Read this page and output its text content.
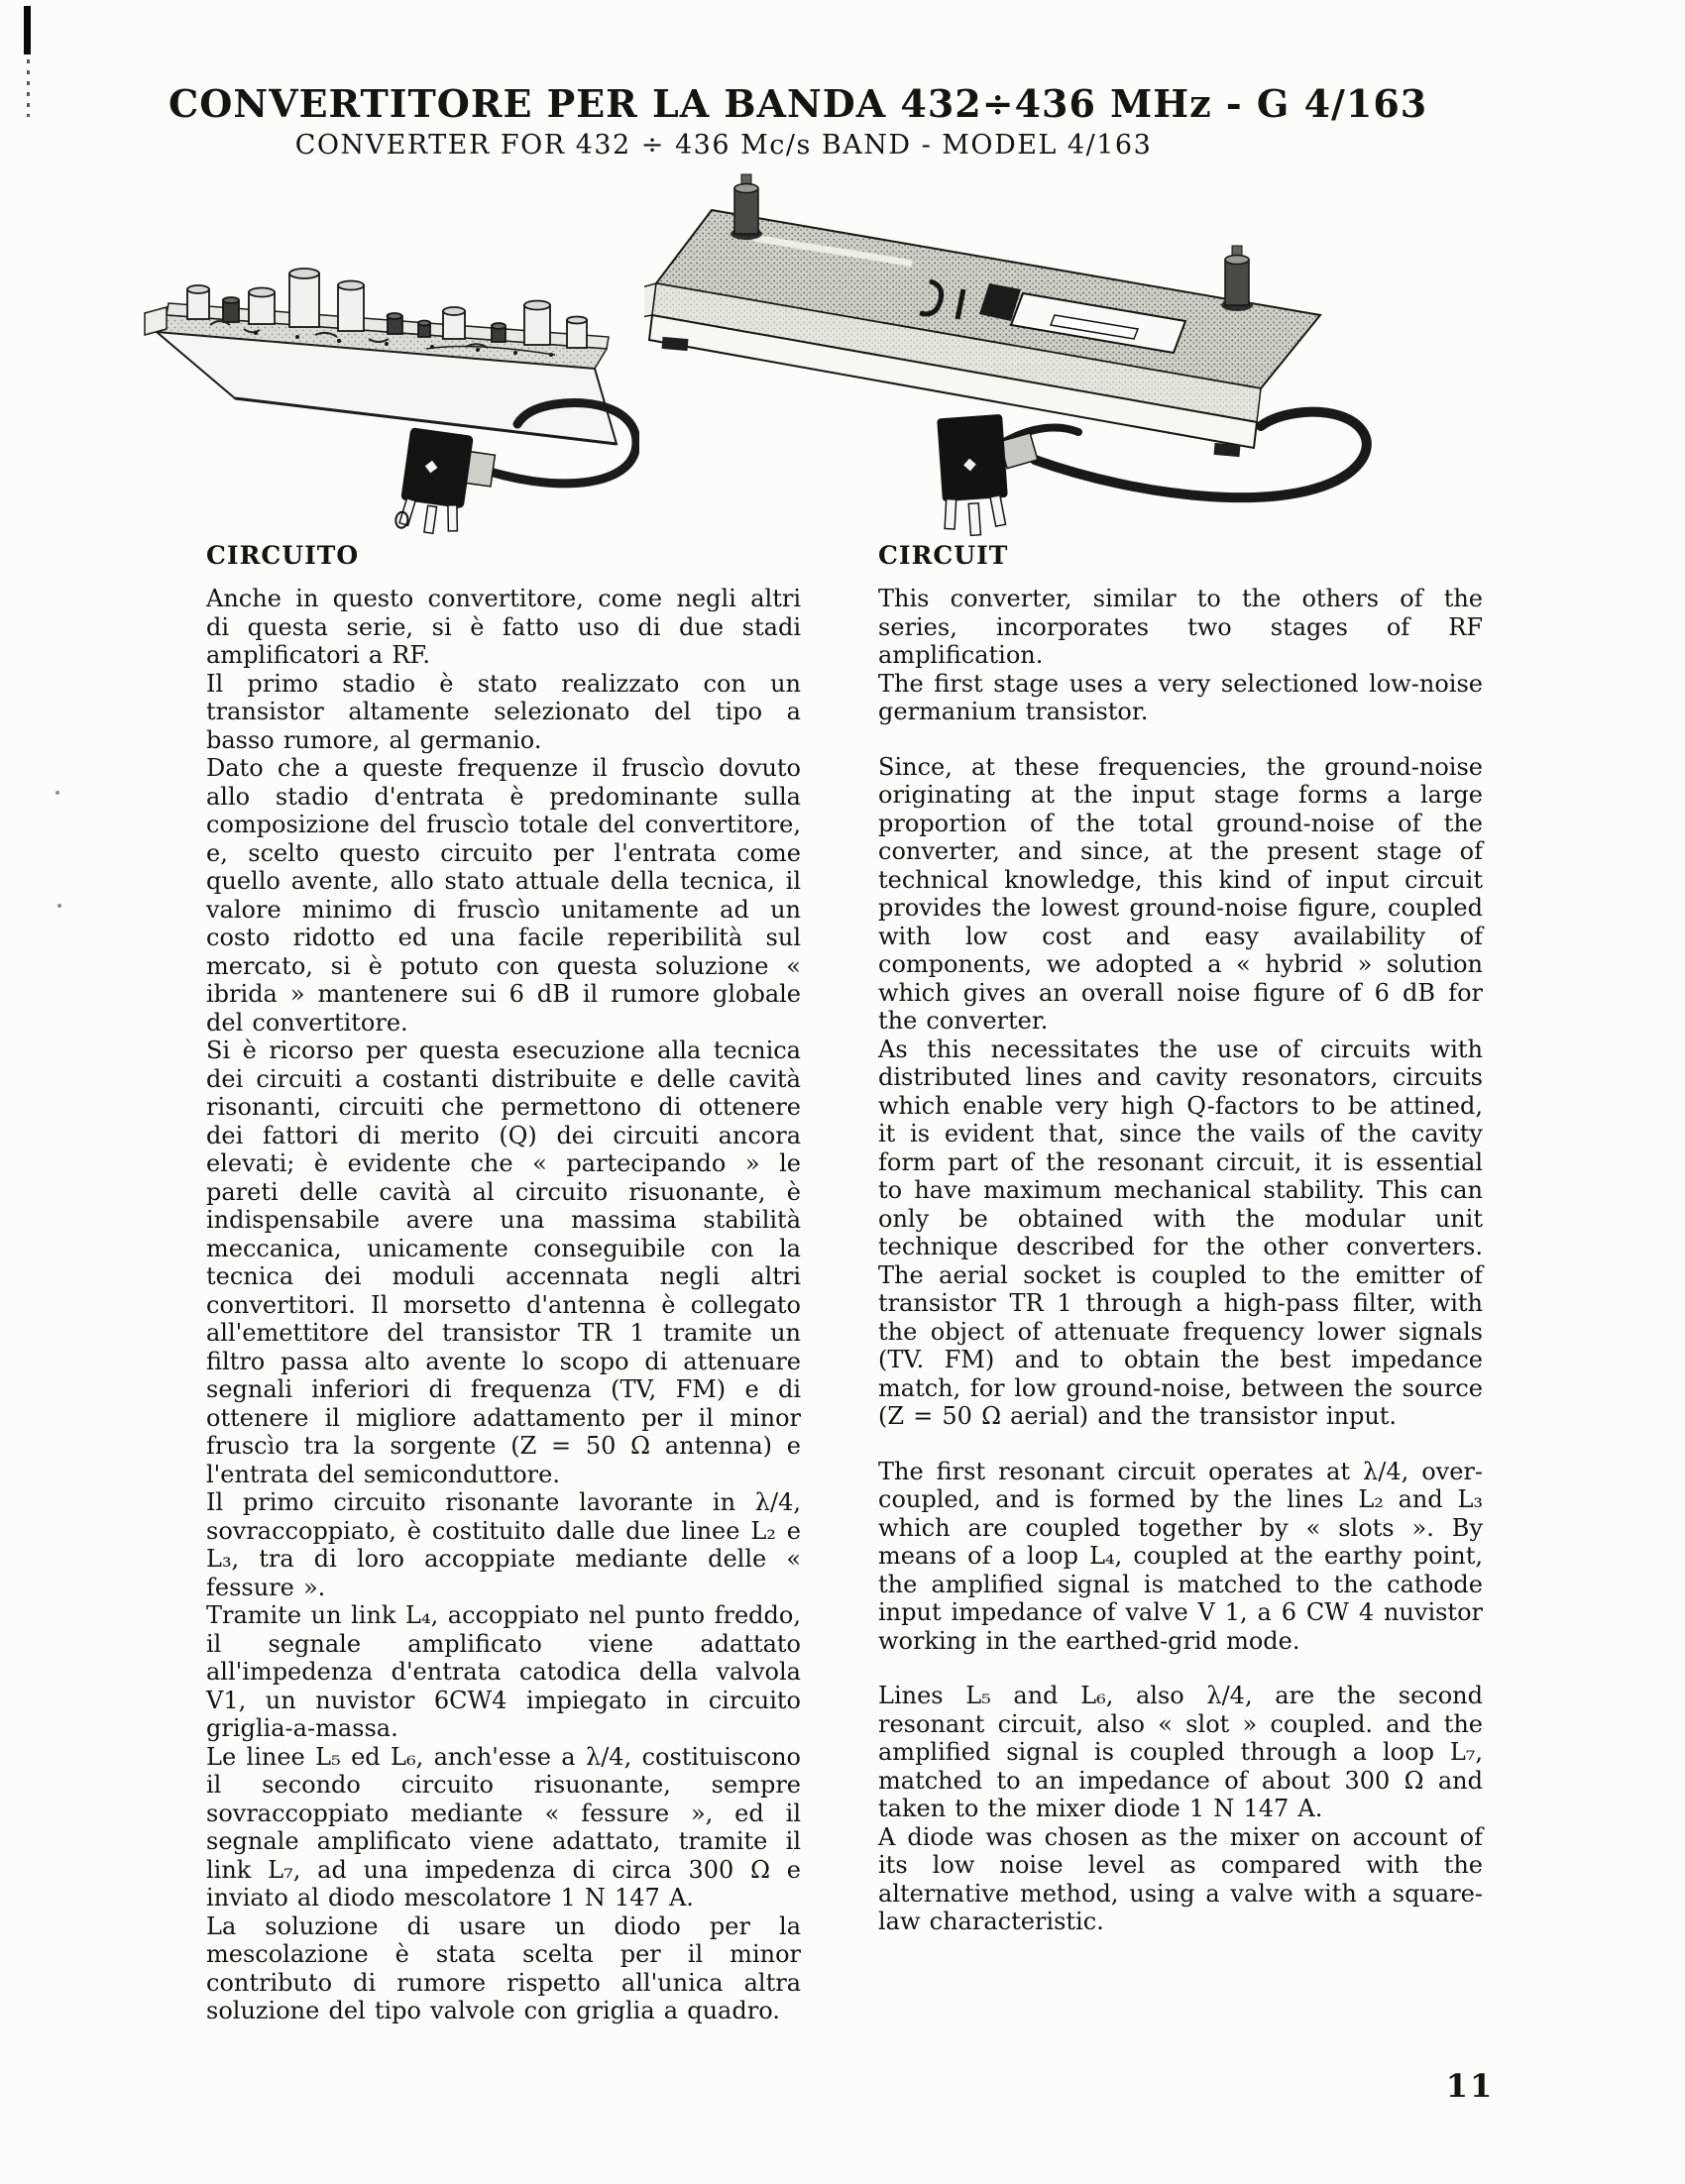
CONVERTITORE PER LA BANDA 432÷436 MHz - G 4/163
CONVERTER FOR 432 ÷ 436 Mc/s BAND - MODEL 4/163
CIRCUITO

Anche in questo convertitore, come negli altri di questa serie, si è fatto uso di due stadi amplificatori a RF.

Il primo stadio è stato realizzato con un transistor altamente selezionato del tipo a basso rumore, al germanio.

Dato che a queste frequenze il fruscìo dovuto allo stadio d'entrata è predominante sulla composizione del fruscìo totale del convertitore, e, scelto questo circuito per l'entrata come quello avente, allo stato attuale della tecnica, il valore minimo di fruscìo unitamente ad un costo ridotto ed una facile reperibilità sul mercato, si è potuto con questa soluzione « ibrida » mantenere sui 6 dB il rumore globale del convertitore.

Si è ricorso per questa esecuzione alla tecnica dei circuiti a costanti distribuite e delle cavità risonanti, circuiti che permettono di ottenere dei fattori di merito (Q) dei circuiti ancora elevati; è evidente che « partecipando » le pareti delle cavità al circuito risuonante, è indispensabile avere una massima stabilità meccanica, unicamente conseguibile con la tecnica dei moduli accennata negli altri convertitori. Il morsetto d'antenna è collegato all'emettitore del transistor TR 1 tramite un filtro passa alto avente lo scopo di attenuare segnali inferiori di frequenza (TV, FM) e di ottenere il migliore adattamento per il minor fruscìo tra la sorgente (Z = 50 Ω antenna) e l'entrata del semiconduttore.

Il primo circuito risonante lavorante in λ/4, sovraccoppiato, è costituito dalle due linee L₂ e L₃, tra di loro accoppiate mediante delle « fessure ».

Tramite un link L₄, accoppiato nel punto freddo, il segnale amplificato viene adattato all'impedenza d'entrata catodica della valvola V1, un nuvistor 6CW4 impiegato in circuito griglia-a-massa.

Le linee L₅ ed L₆, anch'esse a λ/4, costituiscono il secondo circuito risuonante, sempre sovraccoppiato mediante « fessure », ed il segnale amplificato viene adattato, tramite il link L₇, ad una impedenza di circa 300 Ω e inviato al diodo mescolatore 1 N 147 A.

La soluzione di usare un diodo per la mescolazione è stata scelta per il minor contributo di rumore rispetto all'unica altra soluzione del tipo valvole con griglia a quadro.

CIRCUIT

This converter, similar to the others of the series, incorporates two stages of RF amplification.

The first stage uses a very selectioned low-noise germanium transistor.

Since, at these frequencies, the ground-noise originating at the input stage forms a large proportion of the total ground-noise of the converter, and since, at the present stage of technical knowledge, this kind of input circuit provides the lowest ground-noise figure, coupled with low cost and easy availability of components, we adopted a « hybrid » solution which gives an overall noise figure of 6 dB for the converter.

As this necessitates the use of circuits with distributed lines and cavity resonators, circuits which enable very high Q-factors to be attined, it is evident that, since the vails of the cavity form part of the resonant circuit, it is essential to have maximum mechanical stability. This can only be obtained with the modular unit technique described for the other converters. The aerial socket is coupled to the emitter of transistor TR 1 through a high-pass filter, with the object of attenuate frequency lower signals (TV. FM) and to obtain the best impedance match, for low ground-noise, between the source (Z = 50 Ω aerial) and the transistor input.

The first resonant circuit operates at λ/4, over-coupled, and is formed by the lines L₂ and L₃ which are coupled together by « slots ». By means of a loop L₄, coupled at the earthy point, the amplified signal is matched to the cathode input impedance of valve V 1, a 6 CW 4 nuvistor working in the earthed-grid mode.

Lines L₅ and L₆, also λ/4, are the second resonant circuit, also « slot » coupled. and the amplified signal is coupled through a loop L₇, matched to an impedance of about 300 Ω and taken to the mixer diode 1 N 147 A.

A diode was chosen as the mixer on account of its low noise level as compared with the alternative method, using a valve with a square-law characteristic.

11
